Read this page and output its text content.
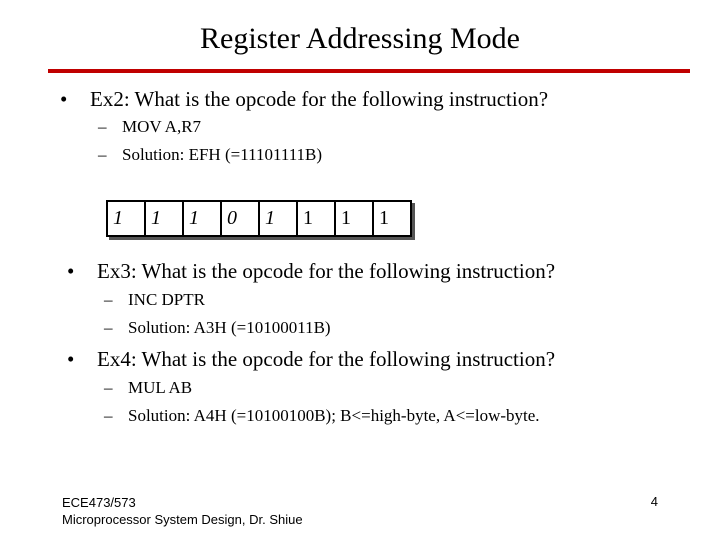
Register Addressing Mode
• Ex2: What is the opcode for the following instruction?
– MOV A,R7
– Solution: EFH (=11101111B)
1 1 1 0 1 1 1 1
• Ex3: What is the opcode for the following instruction?
– INC DPTR
– Solution: A3H (=10100011B)
• Ex4: What is the opcode for the following instruction?
– MUL AB
– Solution: A4H (=10100100B); B<=high-byte, A<=low-byte.
ECE473/573
Microprocessor System Design, Dr. Shiue
4
